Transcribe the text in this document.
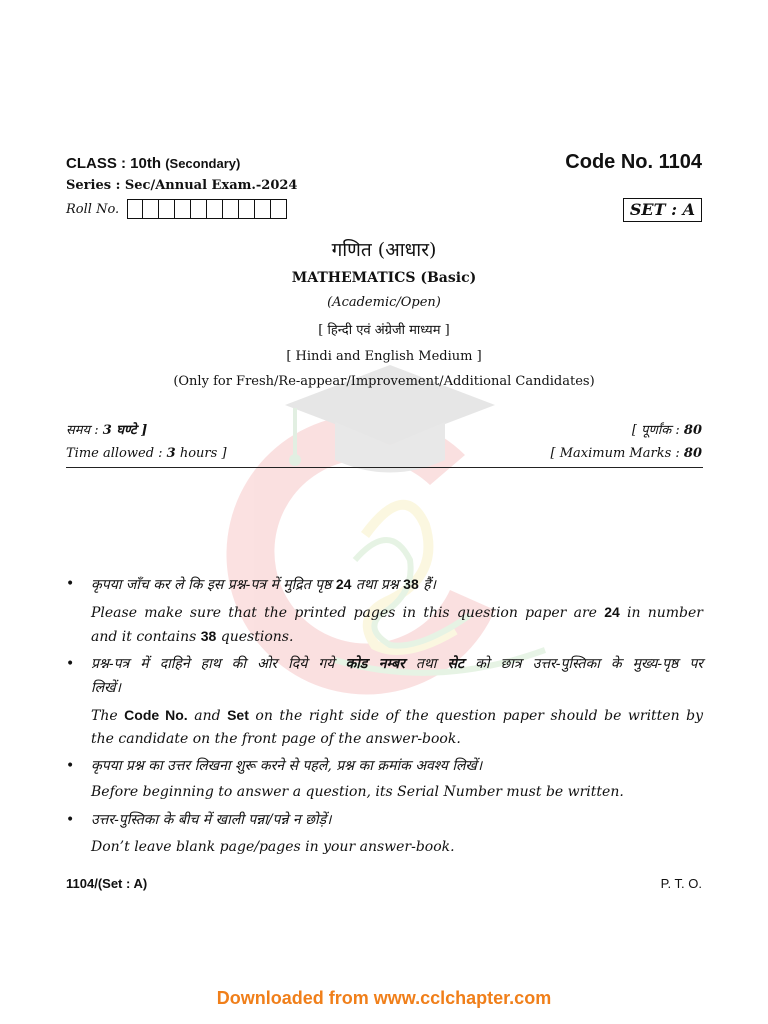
CLASS : 10th (Secondary)	Code No. 1104
Series : Sec/Annual Exam.-2024
Roll No.	SET : A
गणित (आधार)
MATHEMATICS (Basic)
(Academic/Open)
[ हिन्दी एवं अंग्रेजी माध्यम ]
[ Hindi and English Medium ]
(Only for Fresh/Re-appear/Improvement/Additional Candidates)
समय : 3 घण्टे ]	[ पूर्णांक : 80
Time allowed : 3 hours ]	[ Maximum Marks : 80
• कृपया जाँच कर ले कि इस प्रश्न-पत्र में मुद्रित पृष्ठ 24 तथा प्रश्न 38 हैं।
Please make sure that the printed pages in this question paper are 24 in number
and it contains 38 questions.
• प्रश्न-पत्र में दाहिने हाथ की ओर दिये गये कोड नम्बर तथा सेट को छात्र उत्तर-पुस्तिका के मुख्य-पृष्ठ पर
लिखें।
The Code No. and Set on the right side of the question paper should be written by
the candidate on the front page of the answer-book.
• कृपया प्रश्न का उत्तर लिखना शुरू करने से पहले, प्रश्न का क्रमांक अवश्य लिखें।
Before beginning to answer a question, its Serial Number must be written.
• उत्तर-पुस्तिका के बीच में खाली पन्ना/पन्ने न छोड़ें।
Don’t leave blank page/pages in your answer-book.
1104/(Set : A)	P. T. O.
Downloaded from www.cclchapter.com
